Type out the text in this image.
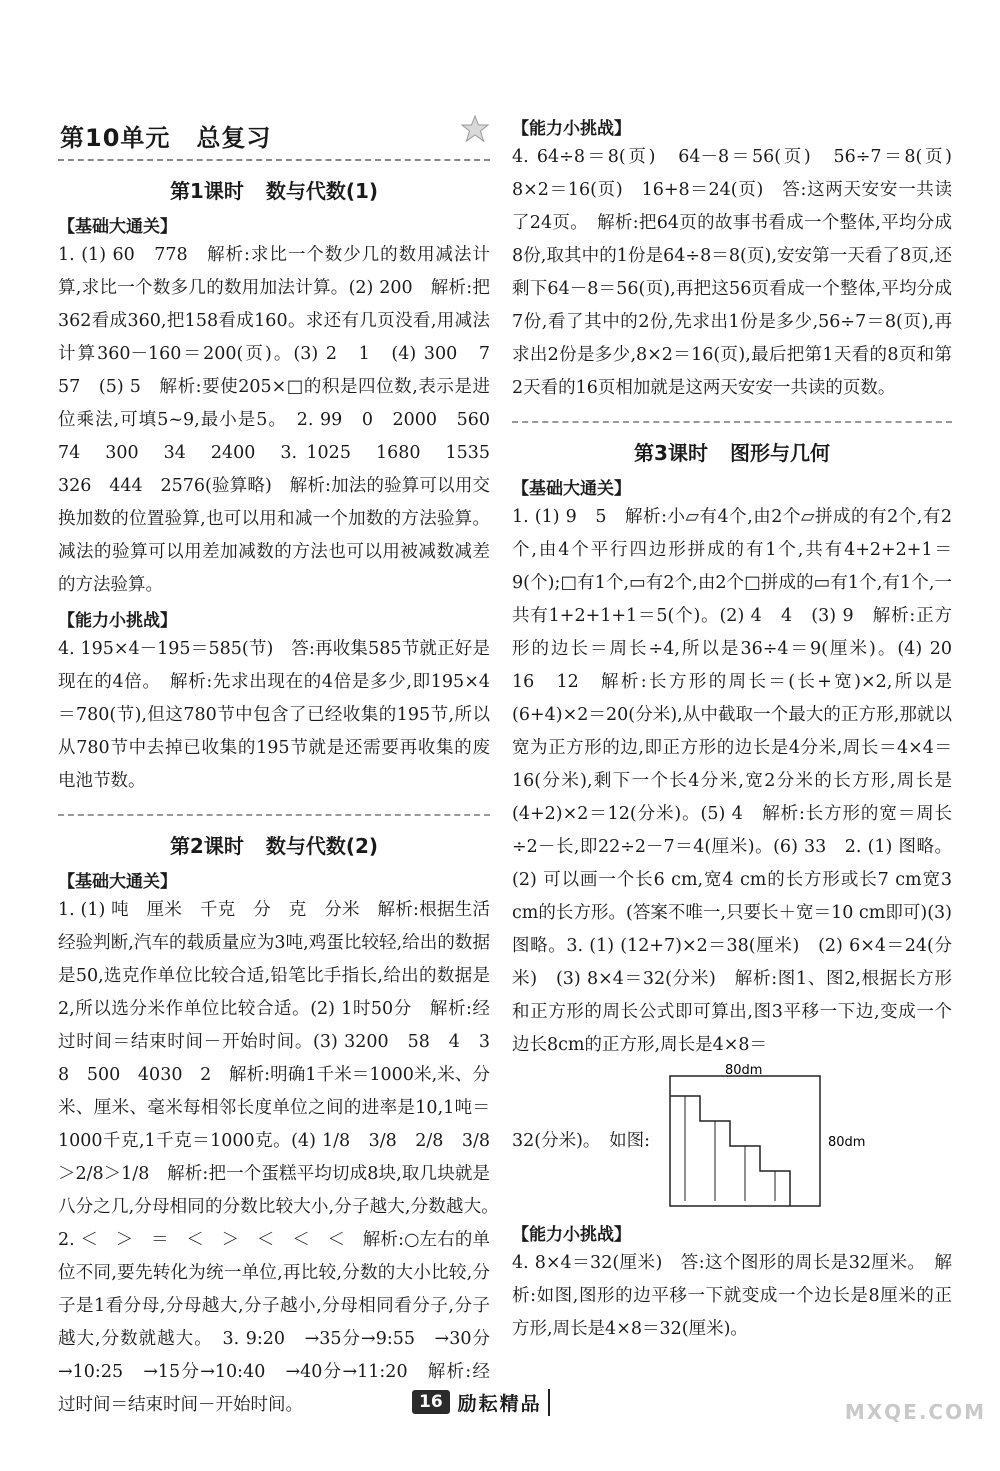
第10单元 总复习
第1课时 数与代数(1)
【基础大通关】

1. (1) 60　778　解析:求比一个数少几的数用减法计算,求比一个数多几的数用加法计算。(2) 200　解析:把362看成360,把158看成160。求还有几页没看,用减法计算360－160＝200(页)。(3) 2　1　(4) 300　7　57　(5) 5　解析:要使205×□的积是四位数,表示是进位乘法,可填5~9,最小是5。　2. 99　0　2000　560　74　300　34　2400　3. 1025　1680　1535　326　444　2576(验算略)　解析:加法的验算可以用交换加数的位置验算,也可以用和减一个加数的方法验算。减法的验算可以用差加减数的方法也可以用被减数减差的方法验算。

【能力小挑战】

4. 195×4－195＝585(节)　答:再收集585节就正好是现在的4倍。　解析:先求出现在的4倍是多少,即195×4＝780(节),但这780节中包含了已经收集的195节,所以从780节中去掉已收集的195节就是还需要再收集的废电池节数。

第2课时 数与代数(2)
【基础大通关】

1. (1) 吨　厘米　千克　分　克　分米　解析:根据生活经验判断,汽车的载质量应为3吨,鸡蛋比较轻,给出的数据是50,选克作单位比较合适,铅笔比手指长,给出的数据是2,所以选分米作单位比较合适。(2) 1时50分　解析:经过时间＝结束时间－开始时间。(3) 3200　58　4　3　8　500　4030　2　解析:明确1千米＝1000米,米、分米、厘米、毫米每相邻长度单位之间的进率是10,1吨＝1000千克,1千克＝1000克。(4) 1/8　3/8　2/8　3/8＞2/8＞1/8　解析:把一个蛋糕平均切成8块,取几块就是八分之几,分母相同的分数比较大小,分子越大,分数越大。　2. ＜　＞　＝　＜　＞　＜　＜　＜　解析:○左右的单位不同,要先转化为统一单位,再比较,分数的大小比较,分子是1看分母,分母越大,分子越小,分母相同看分子,分子越大,分数就越大。　3. 9:20　→35分→9:55　→30分→10:25　→15分→10:40　→40分→11:20　解析:经过时间＝结束时间－开始时间。

【能力小挑战】

4. 64÷8＝8(页)　64－8＝56(页)　56÷7＝8(页)　8×2＝16(页)　16+8＝24(页)　答:这两天安安一共读了24页。　解析:把64页的故事书看成一个整体,平均分成8份,取其中的1份是64÷8＝8(页),安安第一天看了8页,还剩下64－8＝56(页),再把这56页看成一个整体,平均分成7份,看了其中的2份,先求出1份是多少,56÷7＝8(页),再求出2份是多少,8×2＝16(页),最后把第1天看的8页和第2天看的16页相加就是这两天安安一共读的页数。

第3课时 图形与几何
【基础大通关】

1. (1) 9　5　解析:小▱有4个,由2个▱拼成的有2个,有2个,由4个平行四边形拼成的有1个,共有4+2+2+1＝9(个);□有1个,▭有2个,由2个□拼成的▭有1个,有1个,一共有1+2+1+1＝5(个)。(2) 4　4　(3) 9　解析:正方形的边长＝周长÷4,所以是36÷4＝9(厘米)。(4) 20　16　12　解析:长方形的周长＝(长+宽)×2,所以是(6+4)×2＝20(分米),从中截取一个最大的正方形,那就以宽为正方形的边,即正方形的边长是4分米,周长＝4×4＝16(分米),剩下一个长4分米,宽2分米的长方形,周长是(4+2)×2＝12(分米)。(5) 4　解析:长方形的宽＝周长÷2－长,即22÷2－7＝4(厘米)。(6) 33　2. (1) 图略。(2) 可以画一个长6 cm,宽4 cm的长方形或长7 cm宽3 cm的长方形。(答案不唯一,只要长＋宽＝10 cm即可)(3) 图略。3. (1) (12+7)×2＝38(厘米)　(2) 6×4＝24(分米)　(3) 8×4＝32(分米)　解析:图1、图2,根据长方形和正方形的周长公式即可算出,图3平移一下边,变成一个边长8cm的正方形,周长是4×8＝

32(分米)。　如图:
80dm
80dm
【能力小挑战】

4. 8×4＝32(厘米)　答:这个图形的周长是32厘米。　解析:如图,图形的边平移一下就变成一个边长是8厘米的正方形,周长是4×8＝32(厘米)。

16 励耘精品	MXQE.COM
